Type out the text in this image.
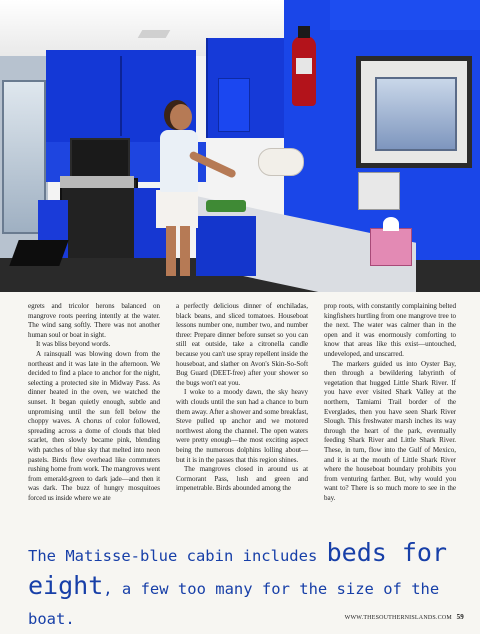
egrets and tricolor herons balanced on mangrove roots peering intently at the water. The wind sang softly. There was not another human soul or boat in sight.

It was bliss beyond words.

A rainsquall was blowing down from the northeast and it was late in the afternoon. We decided to find a place to anchor for the night, selecting a protected site in Midway Pass. As dinner heated in the oven, we watched the sunset. It began quietly enough, subtle and unpromising until the sun fell below the choppy waves. A chorus of color followed, spreading across a dome of clouds that bled scarlet, then slowly became pink, blending with patches of blue sky that melted into neon pastels. Birds flew overhead like commuters rushing home from work. The mangroves went from emerald-green to dark jade—and then it was dark. The buzz of hungry mosquitoes forced us inside where we ate

a perfectly delicious dinner of enchiladas, black beans, and sliced tomatoes. Houseboat lessons number one, number two, and number three: Prepare dinner before sunset so you can still eat outside, take a citronella candle because you can't use spray repellent inside the houseboat, and slather on Avon's Skin-So-Soft Bug Guard (DEET-free) after your shower so the bugs won't eat you.

I woke to a moody dawn, the sky heavy with clouds until the sun had a chance to burn them away. After a shower and some breakfast, Steve pulled up anchor and we motored northwest along the channel. The open waters were pretty enough—the most exciting aspect being the numerous dolphins lolling about—but it is in the passes that this region shines.

The mangroves closed in around us at Cormorant Pass, lush and green and impenetrable. Birds abounded among the

prop roots, with constantly complaining belted kingfishers hurtling from one mangrove tree to the next. The water was calmer than in the open and it was enormously comforting to know that areas like this exist—untouched, undeveloped, and unscarred.

The markers guided us into Oyster Bay, then through a bewildering labyrinth of vegetation that hugged Little Shark River. If you have ever visited Shark Valley at the northern, Tamiami Trail border of the Everglades, then you have seen Shark River Slough. This freshwater marsh inches its way through the heart of the park, eventually feeding Shark River and Little Shark River. These, in turn, flow into the Gulf of Mexico, and it is at the mouth of Little Shark River where the houseboat boundary prohibits you from venturing farther. But, why would you want to? There is so much more to see in the bay.

The Matisse-blue cabin includes beds for
eight, a few too many for the size of the boat.	WWW.THESOUTHERNISLANDS.COM 59
